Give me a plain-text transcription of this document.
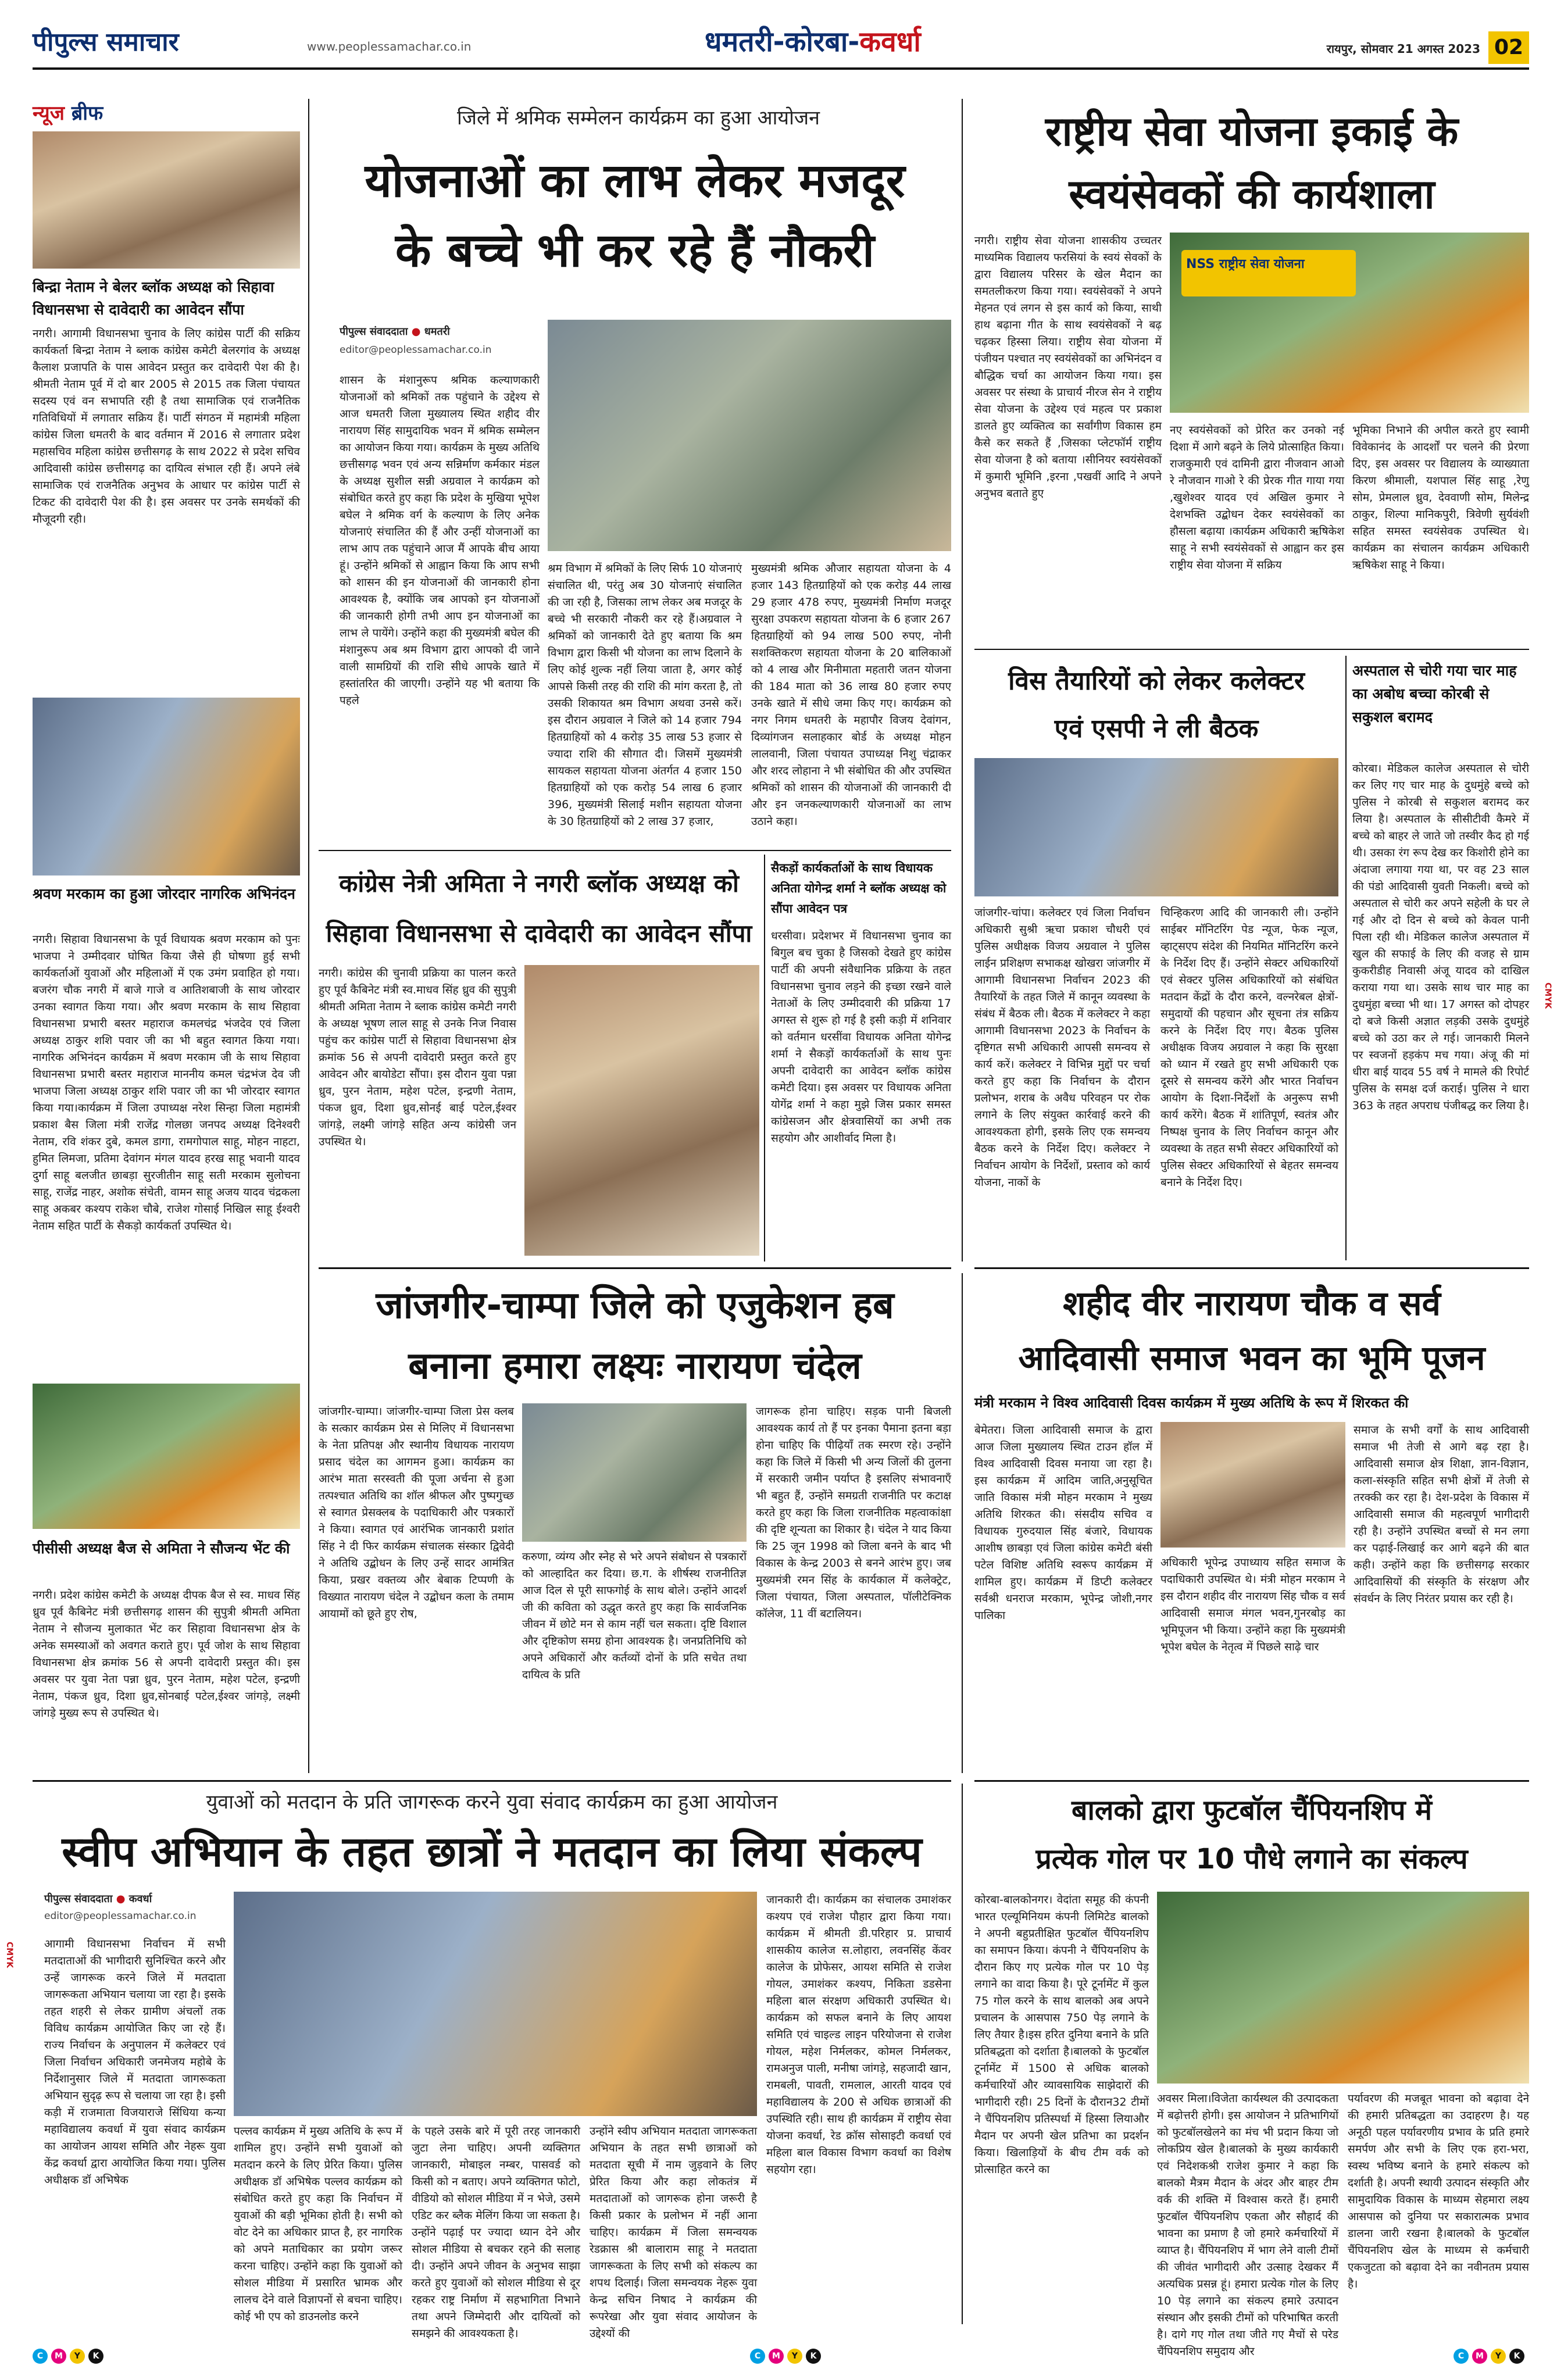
पीपुल्स समाचार	www.peoplessamachar.co.in	धमतरी-कोरबा-कवर्धा	रायपुर, सोमवार 21 अगस्त 2023 02
न्यूज ब्रीफ
बिन्द्रा नेताम ने बेलर ब्लॉक अध्यक्ष को सिहावा विधानसभा से दावेदारी का आवेदन सौंपा
नगरी। आगामी विधानसभा चुनाव के लिए कांग्रेस पार्टी की सक्रिय कार्यकर्ता बिन्द्रा नेताम ने ब्लाक कांग्रेस कमेटी बेलरगांव के अध्यक्ष कैलाश प्रजापति के पास आवेदन प्रस्तुत कर दावेदारी पेश की है।श्रीमती नेताम पूर्व में दो बार 2005 से 2015 तक जिला पंचायत सदस्य एवं वन सभापति रही है तथा सामाजिक एवं राजनैतिक गतिविधियों में लगातार सक्रिय हैं। पार्टी संगठन में महामंत्री महिला कांग्रेस जिला धमतरी के बाद वर्तमान में 2016 से लगातार प्रदेश महासचिव महिला कांग्रेस छत्तीसगढ़ के साथ 2022 से प्रदेश सचिव आदिवासी कांग्रेस छत्तीसगढ़ का दायित्व संभाल रही हैं। अपने लंबे सामाजिक एवं राजनैतिक अनुभव के आधार पर कांग्रेस पार्टी से टिकट की दावेदारी पेश की है। इस अवसर पर उनके समर्थकों की मौजूदगी रही।
श्रवण मरकाम का हुआ जोरदार नागरिक अभिनंदन
नगरी। सिहावा विधानसभा के पूर्व विधायक श्रवण मरकाम को पुनः भाजपा ने उम्मीदवार घोषित किया जैसे ही घोषणा हुई सभी कार्यकर्ताओं युवाओं और महिलाओं में एक उमंग प्रवाहित हो गया। बजरंग चौक नगरी में बाजे गाजे व आतिशबाजी के साथ जोरदार उनका स्वागत किया गया। और श्रवण मरकाम के साथ सिहावा विधानसभा प्रभारी बस्तर महाराज कमलचंद्र भंजदेव एवं जिला अध्यक्ष ठाकुर शशि पवार जी का भी बहुत स्वागत किया गया। नागरिक अभिनंदन कार्यक्रम में श्रवण मरकाम जी के साथ सिहावा विधानसभा प्रभारी बस्तर महाराज माननीय कमल चंद्रभंज देव जी भाजपा जिला अध्यक्ष ठाकुर शशि पवार जी का भी जोरदार स्वागत किया गया।कार्यक्रम में जिला उपाध्यक्ष नरेश सिन्हा जिला महामंत्री प्रकाश बैस जिला मंत्री राजेंद्र गोलछा जनपद अध्यक्ष दिनेश्वरी नेताम, रवि शंकर दुबे, कमल डागा, रामगोपाल साहू, मोहन नाहटा, हुमित लिमजा, प्रतिमा देवांगन मंगल यादव हरख साहू भवानी यादव दुर्गा साहू बलजीत छाबड़ा सुरजीतीन साहू सती मरकाम सुलोचना साहू, राजेंद्र नाहर, अशोक संचेती, वामन साहू अजय यादव चंद्रकला साहू अकबर कश्यप राकेश चौबे, राजेश गोसाई निखिल साहू ईश्वरी नेताम सहित पार्टी के सैकड़ो कार्यकर्ता उपस्थित थे।
पीसीसी अध्यक्ष बैज से अमिता ने सौजन्य भेंट की
नगरी। प्रदेश कांग्रेस कमेटी के अध्यक्ष दीपक बैज से स्व. माधव सिंह ध्रुव पूर्व कैबिनेट मंत्री छत्तीसगढ़ शासन की सुपुत्री श्रीमती अमिता नेताम ने सौजन्य मुलाकात भेंट कर सिहावा विधानसभा क्षेत्र के अनेक समस्याओं को अवगत कराते हुए। पूर्व जोश के साथ सिहावा विधानसभा क्षेत्र क्रमांक 56 से अपनी दावेदारी प्रस्तुत की। इस अवसर पर युवा नेता पन्ना ध्रुव, पुरन नेताम, महेश पटेल, इन्द्रणी नेताम, पंकज ध्रुव, दिशा ध्रुव,सोनबाई पटेल,ईश्वर जांगड़े, लक्ष्मी जांगड़े मुख्य रूप से उपस्थित थे।
जिले में श्रमिक सम्मेलन कार्यक्रम का हुआ आयोजन
योजनाओं का लाभ लेकर मजदूर
के बच्चे भी कर रहे हैं नौकरी
पीपुल्स संवाददाता ● धमतरी
editor@peoplessamachar.co.in
शासन के मंशानुरूप श्रमिक कल्याणकारी योजनाओं को श्रमिकों तक पहुंचाने के उद्देश्य से आज धमतरी जिला मुख्यालय स्थित शहीद वीर नारायण सिंह सामुदायिक भवन में श्रमिक सम्मेलन का आयोजन किया गया। कार्यक्रम के मुख्य अतिथि छत्तीसगढ़ भवन एवं अन्य सन्निर्माण कर्मकार मंडल के अध्यक्ष सुशील सन्नी अग्रवाल ने कार्यक्रम को संबोधित करते हुए कहा कि प्रदेश के मुखिया भूपेश बघेल ने श्रमिक वर्ग के कल्याण के लिए अनेक योजनाएं संचालित की हैं और उन्हीं योजनाओं का लाभ आप तक पहुंचाने आज मैं आपके बीच आया हूं। उन्होंने श्रमिकों से आह्वान किया कि आप सभी को शासन की इन योजनाओं की जानकारी होना आवश्यक है, क्योंकि जब आपको इन योजनाओं की जानकारी होगी तभी आप इन योजनाओं का लाभ ले पायेंगे। उन्होंने कहा की मुख्यमंत्री बघेल की मंशानुरूप अब श्रम विभाग द्वारा आपको दी जाने वाली सामग्रियों की राशि सीधे आपके खाते में हस्तांतरित की जाएगी। उन्होंने यह भी बताया कि पहले
श्रम विभाग में श्रमिकों के लिए सिर्फ 10 योजनाएं संचालित थी, परंतु अब 30 योजनाएं संचालित की जा रही है, जिसका लाभ लेकर अब मजदूर के बच्चे भी सरकारी नौकरी कर रहे हैं।अग्रवाल ने श्रमिकों को जानकारी देते हुए बताया कि श्रम विभाग द्वारा किसी भी योजना का लाभ दिलाने के लिए कोई शुल्क नहीं लिया जाता है, अगर कोई आपसे किसी तरह की राशि की मांग करता है, तो उसकी शिकायत श्रम विभाग अथवा उनसे करें। इस दौरान अग्रवाल ने जिले को 14 हजार 794 हितग्राहियों को 4 करोड़ 35 लाख 53 हजार से ज्यादा राशि की सौगात दी। जिसमें मुख्यमंत्री सायकल सहायता योजना अंतर्गत 4 हजार 150 हितग्राहियों को एक करोड़ 54 लाख 6 हजार 396, मुख्यमंत्री सिलाई मशीन सहायता योजना के 30 हितग्राहियों को 2 लाख 37 हजार,
मुख्यमंत्री श्रमिक औजार सहायता योजना के 4 हजार 143 हितग्राहियों को एक करोड़ 44 लाख 29 हजार 478 रुपए, मुख्यमंत्री निर्माण मजदूर सुरक्षा उपकरण सहायता योजना के 6 हजार 267 हितग्राहियों को 94 लाख 500 रुपए, नोनी सशक्तिकरण सहायता योजना के 20 बालिकाओं को 4 लाख और मिनीमाता महतारी जतन योजना की 184 माता को 36 लाख 80 हजार रुपए उनके खाते में सीधे जमा किए गए। कार्यक्रम को नगर निगम धमतरी के महापौर विजय देवांगन, दिव्यांगजन सलाहकार बोर्ड के अध्यक्ष मोहन लालवानी, जिला पंचायत उपाध्यक्ष निशु चंद्राकर और शरद लोहाना ने भी संबोधित की और उपस्थित श्रमिकों को शासन की योजनाओं की जानकारी दी और इन जनकल्याणकारी योजनाओं का लाभ उठाने कहा।
राष्ट्रीय सेवा योजना इकाई के
स्वयंसेवकों की कार्यशाला
नगरी। राष्ट्रीय सेवा योजना शासकीय उच्चतर माध्यमिक विद्यालय फरसियां के स्वयं सेवकों के द्वारा विद्यालय परिसर के खेल मैदान का समतलीकरण किया गया। स्वयंसेवकों ने अपने मेहनत एवं लगन से इस कार्य को किया, साथी हाथ बढ़ाना गीत के साथ स्वयंसेवकों ने बढ़ चढ़कर हिस्सा लिया। राष्ट्रीय सेवा योजना में पंजीयन पश्चात नए स्वयंसेवकों का अभिनंदन व बौद्धिक चर्चा का आयोजन किया गया। इस अवसर पर संस्था के प्राचार्य नीरज सेन ने राष्ट्रीय सेवा योजना के उद्देश्य एवं महत्व पर प्रकाश डालते हुए व्यक्तित्व का सर्वांगीण विकास हम कैसे कर सकते हैं ,जिसका प्लेटफॉर्म राष्ट्रीय सेवा योजना है को बताया ।सीनियर स्वयंसेवकों में कुमारी भूमिनि ,इरना ,पखवीं आदि ने अपने अनुभव बताते हुए
NSS राष्ट्रीय सेवा योजना
नए स्वयंसेवकों को प्रेरित कर उनको नई दिशा में आगे बढ़ने के लिये प्रोत्साहित किया। राजकुमारी एवं दामिनी द्वारा नीजवान आओ रे नौजवान गाओ रे की प्रेरक गीत गाया गया ,खुशेश्वर यादव एवं अखिल कुमार ने देशभक्ति उद्बोधन देकर स्वयंसेवकों का हौसला बढ़ाया ।कार्यक्रम अधिकारी ऋषिकेश साहू ने सभी स्वयंसेवकों से आह्वान कर इस राष्ट्रीय सेवा योजना में सक्रिय
भूमिका निभाने की अपील करते हुए स्वामी विवेकानंद के आदर्शों पर चलने की प्रेरणा दिए, इस अवसर पर विद्यालय के व्याख्याता किरण श्रीमाली, यशपाल सिंह साहू ,रेणु सोम, प्रेमलाल ध्रुव, देववाणी सोम, मिलेन्द्र ठाकुर, शिल्पा मानिकपुरी, त्रिवेणी सुर्यवंशी सहित समस्त स्वयंसेवक उपस्थित थे। कार्यक्रम का संचालन कार्यक्रम अधिकारी ऋषिकेश साहू ने किया।
कांग्रेस नेत्री अमिता ने नगरी ब्लॉक अध्यक्ष को
सिहावा विधानसभा से दावेदारी का आवेदन सौंपा
नगरी। कांग्रेस की चुनावी प्रक्रिया का पालन करते हुए पूर्व कैबिनेट मंत्री स्व.माधव सिंह ध्रुव की सुपुत्री श्रीमती अमिता नेताम ने ब्लाक कांग्रेस कमेटी नगरी के अध्यक्ष भूषण लाल साहू से उनके निज निवास पहुंच कर कांग्रेस पार्टी से सिहावा विधानसभा क्षेत्र क्रमांक 56 से अपनी दावेदारी प्रस्तुत करते हुए आवेदन और बायोडेटा सौंपा। इस दौरान युवा पन्ना ध्रुव, पुरन नेताम, महेश पटेल, इन्द्रणी नेताम, पंकज ध्रुव, दिशा ध्रुव,सोनई बाई पटेल,ईश्वर जांगड़े, लक्ष्मी जांगड़े सहित अन्य कांग्रेसी जन उपस्थित थे।
सैकड़ों कार्यकर्ताओं के साथ विधायक अनिता योगेन्द्र शर्मा ने ब्लॉक अध्यक्ष को सौंपा आवेदन पत्र
धरसीवा। प्रदेशभर में विधानसभा चुनाव का बिगुल बच चुका है जिसको देखते हुए कांग्रेस पार्टी की अपनी संवैधानिक प्रक्रिया के तहत विधानसभा चुनाव लड़ने की इच्छा रखने वाले नेताओं के लिए उम्मीदवारी की प्रक्रिया 17 अगस्त से शुरू हो गई है इसी कड़ी में शनिवार को वर्तमान धरसींवा विधायक अनिता योगेन्द्र शर्मा ने सैकड़ों कार्यकर्ताओं के साथ पुनः अपनी दावेदारी का आवेदन ब्लॉक कांग्रेस कमेटी दिया। इस अवसर पर विधायक अनिता योगेंद्र शर्मा ने कहा मुझे जिस प्रकार समस्त कांग्रेसजन और क्षेत्रवासियों का अभी तक सहयोग और आशीर्वाद मिला है।
विस तैयारियों को लेकर कलेक्टर
एवं एसपी ने ली बैठक
जांजगीर-चांपा। कलेक्टर एवं जिला निर्वाचन अधिकारी सुश्री ऋचा प्रकाश चौधरी एवं पुलिस अधीक्षक विजय अग्रवाल ने पुलिस लाईन प्रशिक्षण सभाकक्ष खोखरा जांजगीर में आगामी विधानसभा निर्वाचन 2023 की तैयारियों के तहत जिले में कानून व्यवस्था के संबंध में बैठक ली। बैठक में कलेक्टर ने कहा आगामी विधानसभा 2023 के निर्वाचन के दृष्टिगत सभी अधिकारी आपसी समन्वय से कार्य करें। कलेक्टर ने विभिन्न मुद्दों पर चर्चा करते हुए कहा कि निर्वाचन के दौरान प्रलोभन, शराब के अवैध परिवहन पर रोक लगाने के लिए संयुक्त कार्रवाई करने की आवश्यकता होगी, इसके लिए एक समन्वय बैठक करने के निर्देश दिए। कलेक्टर ने निर्वाचन आयोग के निर्देशों, प्रस्ताव को कार्य योजना, नाकों के
चिन्हिकरण आदि की जानकारी ली। उन्होंने साईबर मॉनिटरिंग पेड न्यूज, फेक न्यूज, व्हाट्सएप संदेश की नियमित मॉनिटरिंग करने के निर्देश दिए हैं। उन्होंने सेक्टर अधिकारियों एवं सेक्टर पुलिस अधिकारियों को संबंधित मतदान केंद्रों के दौरा करने, वल्नरेबल क्षेत्रों-समुदायों की पहचान और सूचना तंत्र सक्रिय करने के निर्देश दिए गए। बैठक पुलिस अधीक्षक विजय अग्रवाल ने कहा कि सुरक्षा को ध्यान में रखते हुए सभी अधिकारी एक दूसरे से समन्वय करेंगे और भारत निर्वाचन आयोग के दिशा-निर्देशों के अनुरूप सभी कार्य करेंगे। बैठक में शांतिपूर्ण, स्वतंत्र और निष्पक्ष चुनाव के लिए निर्वाचन कानून और व्यवस्था के तहत सभी सेक्टर अधिकारियों को पुलिस सेक्टर अधिकारियों से बेहतर समन्वय बनाने के निर्देश दिए।
अस्पताल से चोरी गया चार माह का अबोध बच्चा कोरबी से सकुशल बरामद
कोरबा। मेडिकल कालेज अस्पताल से चोरी कर लिए गए चार माह के दुधमुंहे बच्चे को पुलिस ने कोरबी से सकुशल बरामद कर लिया है। अस्पताल के सीसीटीवी कैमरे में बच्चे को बाहर ले जाते जो तस्वीर कैद हो गई थी। उसका रंग रूप देख कर किशोरी होने का अंदाजा लगाया गया था, पर वह 23 साल की पंडो आदिवासी युवती निकली। बच्चे को अस्पताल से चोरी कर अपने सहेली के घर ले गई और दो दिन से बच्चे को केवल पानी पिला रही थी। मेडिकल कालेज अस्पताल में खुल की सफाई के लिए की वजह से ग्राम कुकरीडीह निवासी अंजू यादव को दाखिल कराया गया था। उसके साथ चार माह का दुधमुंहा बच्चा भी था। 17 अगस्त को दोपहर दो बजे किसी अज्ञात लड़की उसके दुधमुंहे बच्चे को उठा कर ले गई। जानकारी मिलने पर स्वजनों हड़कंप मच गया। अंजू की मां धीरा बाई यादव 55 वर्ष ने मामले की रिपोर्ट पुलिस के समक्ष दर्ज कराई। पुलिस ने धारा 363 के तहत अपराध पंजीबद्ध कर लिया है।
जांजगीर-चाम्पा जिले को एजुकेशन हब
बनाना हमारा लक्ष्यः नारायण चंदेल
जांजगीर-चाम्पा। जांजगीर-चाम्पा जिला प्रेस क्लब के सत्कार कार्यक्रम प्रेस से मिलिए में विधानसभा के नेता प्रतिपक्ष और स्थानीय विधायक नारायण प्रसाद चंदेल का आगमन हुआ। कार्यक्रम का आरंभ माता सरस्वती की पूजा अर्चना से हुआ तत्पश्चात अतिथि का शॉल श्रीफल और पुष्पगुच्छ से स्वागत प्रेसक्लब के पदाधिकारी और पत्रकारों ने किया। स्वागत एवं आरंभिक जानकारी प्रशांत सिंह ने दी फिर कार्यक्रम संचालक संस्कार द्विवेदी ने अतिथि उद्बोधन के लिए उन्हें सादर आमंत्रित किया, प्रखर वक्तव्य और बेबाक टिप्पणी के विख्यात नारायण चंदेल ने उद्बोधन कला के तमाम आयामों को छूते हुए रोष,
करुणा, व्यंग्य और स्नेह से भरे अपने संबोधन से पत्रकारों को आल्हादित कर दिया। छ.ग. के शीर्षस्थ राजनीतिज्ञ आज दिल से पूरी साफगोई के साथ बोले। उन्होंने आदर्श जी की कविता को उद्धृत करते हुए कहा कि सार्वजनिक जीवन में छोटे मन से काम नहीं चल सकता। दृष्टि विशाल और दृष्टिकोण समग्र होना आवश्यक है। जनप्रतिनिधि को अपने अधिकारों और कर्तव्यों दोनों के प्रति सचेत तथा दायित्व के प्रति
जागरूक होना चाहिए। सड़क पानी बिजली आवश्यक कार्य तो हैं पर इनका पैमाना इतना बड़ा होना चाहिए कि पीढ़ियाँ तक स्मरण रहे। उन्होंने कहा कि जिले में किसी भी अन्य जिलों की तुलना में सरकारी जमीन पर्याप्त है इसलिए संभावनाएँ भी बहुत हैं, उन्होंने समग्रती राजनीति पर कटाक्ष करते हुए कहा कि जिला राजनीतिक महत्वाकांक्षा की दृष्टि शून्यता का शिकार है। चंदेल ने याद किया कि 25 जून 1998 को जिला बनने के बाद भी विकास के केन्द्र 2003 से बनने आरंभ हुए। जब मुख्यमंत्री रमन सिंह के कार्यकाल में कलेक्ट्रेट, जिला पंचायत, जिला अस्पताल, पॉलीटेक्निक कॉलेज, 11 वीं बटालियन।
शहीद वीर नारायण चौक व सर्व
आदिवासी समाज भवन का भूमि पूजन
मंत्री मरकाम ने विश्व आदिवासी दिवस कार्यक्रम में मुख्य अतिथि के रूप में शिरकत की
बेमेतरा। जिला आदिवासी समाज के द्वारा आज जिला मुख्यालय स्थित टाउन हॉल में विश्व आदिवासी दिवस मनाया जा रहा है। इस कार्यक्रम में आदिम जाति,अनुसूचित जाति विकास मंत्री मोहन मरकाम ने मुख्य अतिथि शिरकत की। संसदीय सचिव व विधायक गुरुदयाल सिंह बंजारे, विधायक आशीष छाबड़ा एवं जिला कांग्रेस कमेटी बंसी पटेल विशिष्ट अतिथि स्वरूप कार्यक्रम में शामिल हुए। कार्यक्रम में डिप्टी कलेक्टर सर्वश्री धनराज मरकाम, भूपेन्द्र जोशी,नगर पालिका
अधिकारी भूपेन्द्र उपाध्याय सहित समाज के पदाधिकारी उपस्थित थे। मंत्री मोहन मरकाम ने इस दौरान शहीद वीर नारायण सिंह चौक व सर्व आदिवासी समाज मंगल भवन,गुनरबोड़ का भूमिपूजन भी किया। उन्होंने कहा कि मुख्यमंत्री भूपेश बघेल के नेतृत्व में पिछले साढ़े चार
समाज के सभी वर्गों के साथ आदिवासी समाज भी तेजी से आगे बढ़ रहा है। आदिवासी समाज क्षेत्र शिक्षा, ज्ञान-विज्ञान, कला-संस्कृति सहित सभी क्षेत्रों में तेजी से तरक्की कर रहा है। देश-प्रदेश के विकास में आदिवासी समाज की महत्वपूर्ण भागीदारी रही है। उन्होंने उपस्थित बच्चों से मन लगा कर पढ़ाई-लिखाई कर आगे बढ़ने की बात कही। उन्होंने कहा कि छत्तीसगढ़ सरकार आदिवासियों की संस्कृति के संरक्षण और संवर्धन के लिए निरंतर प्रयास कर रही है।
युवाओं को मतदान के प्रति जागरूक करने युवा संवाद कार्यक्रम का हुआ आयोजन
स्वीप अभियान के तहत छात्रों ने मतदान का लिया संकल्प
पीपुल्स संवाददाता ● कवर्धा
editor@peoplessamachar.co.in
आगामी विधानसभा निर्वाचन में सभी मतदाताओं की भागीदारी सुनिश्चित करने और उन्हें जागरूक करने जिले में मतदाता जागरूकता अभियान चलाया जा रहा है। इसके तहत शहरी से लेकर ग्रामीण अंचलों तक विविध कार्यक्रम आयोजित किए जा रहे हैं। राज्य निर्वाचन के अनुपालन में कलेक्टर एवं जिला निर्वाचन अधिकारी जनमेजय महोबे के निर्देशानुसार जिले में मतदाता जागरूकता अभियान सुदृढ़ रूप से चलाया जा रहा है। इसी कड़ी में राजमाता विजयाराजे सिंधिया कन्या महाविद्यालय कवर्धा में युवा संवाद कार्यक्रम का आयोजन आयश समिति और नेहरू युवा केंद्र कवर्धा द्वारा आयोजित किया गया। पुलिस अधीक्षक डॉ अभिषेक
पल्लव कार्यक्रम में मुख्य अतिथि के रूप में शामिल हुए। उन्होंने सभी युवाओं को मतदान करने के लिए प्रेरित किया। पुलिस अधीक्षक डॉ अभिषेक पल्लव कार्यक्रम को संबोधित करते हुए कहा कि निर्वाचन में युवाओं की बड़ी भूमिका होती है। सभी को वोट देने का अधिकार प्राप्त है, हर नागरिक को अपने मताधिकार का प्रयोग जरूर करना चाहिए। उन्होंने कहा कि युवाओं को सोशल मीडिया में प्रसारित भ्रामक और लालच देने वाले विज्ञापनों से बचना चाहिए। कोई भी एप को डाउनलोड करने
के पहले उसके बारे में पूरी तरह जानकारी जुटा लेना चाहिए। अपनी व्यक्तिगत जानकारी, मोबाइल नम्बर, पासवर्ड को किसी को न बताए। अपने व्यक्तिगत फोटो, वीडियो को सोशल मीडिया में न भेजे, उसमे एडिट कर ब्लैक मेलिंग किया जा सकता है। उन्होंने पढ़ाई पर ज्यादा ध्यान देने और सोशल मीडिया से बचकर रहने की सलाह दी। उन्होंने अपने जीवन के अनुभव साझा करते हुए युवाओं को सोशल मीडिया से दूर रहकर राष्ट्र निर्माण में सहभागिता निभाने तथा अपने जिम्मेदारी और दायित्वों को समझने की आवश्यकता है।
उन्होंने स्वीप अभियान मतदाता जागरूकता अभियान के तहत सभी छात्राओं को मतदाता सूची में नाम जुड़वाने के लिए प्रेरित किया और कहा लोकतंत्र में मतदाताओं को जागरूक होना जरूरी है किसी प्रकार के प्रलोभन में नहीं आना चाहिए। कार्यक्रम में जिला समन्वयक रेडक्रास श्री बालाराम साहू ने मतदाता जागरूकता के लिए सभी को संकल्प का शपथ दिलाई। जिला समन्वयक नेहरू युवा केन्द्र सचिन निषाद ने कार्यक्रम की रूपरेखा और युवा संवाद आयोजन के उद्देश्यों की
जानकारी दी। कार्यक्रम का संचालक उमाशंकर कश्यप एवं राजेश पौहार द्वारा किया गया। कार्यक्रम में श्रीमती डी.परिहार प्र. प्राचार्य शासकीय कालेज स.लोहारा, लवनसिंह केंवर कालेज के प्रोफेसर, आयश समिति से राजेश गोयल, उमाशंकर कश्यप, निकिता डडसेना महिला बाल संरक्षण अधिकारी उपस्थित थे। कार्यक्रम को सफल बनाने के लिए आयश समिति एवं चाइल्ड लाइन परियोजना से राजेश गोयल, महेश निर्मलकर, कोमल निर्मलकर, रामअनुज पाली, मनीषा जांगड़े, सहजादी खान, रामबली, पावती, रामलाल, आरती यादव एवं महाविद्यालय के 200 से अधिक छात्राओं की उपस्थिति रही। साथ ही कार्यक्रम में राष्ट्रीय सेवा योजना कवर्धा, रेड क्रॉस सोसाइटी कवर्धा एवं महिला बाल विकास विभाग कवर्धा का विशेष सहयोग रहा।
बालको द्वारा फुटबॉल चैंपियनशिप में
प्रत्येक गोल पर 10 पौधे लगाने का संकल्प
कोरबा-बालकोनगर। वेदांता समूह की कंपनी भारत एल्यूमिनियम कंपनी लिमिटेड बालको ने अपनी बहुप्रतीक्षित फुटबॉल चैंपियनशिप का समापन किया। कंपनी ने चैंपियनशिप के दौरान किए गए प्रत्येक गोल पर 10 पेड़ लगाने का वादा किया है। पूरे टूर्नामेंट में कुल 75 गोल करने के साथ बालको अब अपने प्रचालन के आसपास 750 पेड़ लगाने के लिए तैयार है।इस हरित दुनिया बनाने के प्रति प्रतिबद्धता को दर्शाता है।बालको के फुटबॉल टूर्नामेंट में 1500 से अधिक बालको कर्मचारियों और व्यावसायिक साझेदारों की भागीदारी रही। 25 दिनों के दौरान32 टीमों ने चैंपियनशिप प्रतिस्पर्धा में हिस्सा लियाऔर मैदान पर अपनी खेल प्रतिभा का प्रदर्शन किया। खिलाड़ियों के बीच टीम वर्क को प्रोत्साहित करने का
अवसर मिला।विजेता कार्यस्थल की उत्पादकता में बढ़ोत्तरी होगी। इस आयोजन ने प्रतिभागियों को फुटबॉलखेलने का मंच भी प्रदान किया जो लोकप्रिय खेल है।बालको के मुख्य कार्यकारी एवं निदेशकश्री राजेश कुमार ने कहा कि बालको मैत्रम मैदान के अंदर और बाहर टीम वर्क की शक्ति में विश्वास करते हैं। हमारी फुटबॉल चैंपियनशिप एकता और सौहार्द की भावना का प्रमाण है जो हमारे कर्मचारियों में व्याप्त है। चैंपियनशिप में भाग लेने वाली टीमों की जीवंत भागीदारी और उत्साह देखकर मैं अत्यधिक प्रसन्न हूं। हमारा प्रत्येक गोल के लिए 10 पेड़ लगाने का संकल्प हमारे उत्पादन संस्थान और इसकी टीमों को परिभाषित करती है। दागे गए गोल तथा जीते गए मैचों से परेड चैंपियनशिप समुदाय और
पर्यावरण की मजबूत भावना को बढ़ावा देने की हमारी प्रतिबद्धता का उदाहरण है। यह अनूठी पहल पर्यावरणीय प्रभाव के प्रति हमारे समर्पण और सभी के लिए एक हरा-भरा, स्वस्थ भविष्य बनाने के हमारे संकल्प को दर्शाती है। अपनी स्थायी उत्पादन संस्कृति और सामुदायिक विकास के माध्यम सेहमारा लक्ष्य आसपास को दुनिया पर सकारात्मक प्रभाव डालना जारी रखना है।बालको के फुटबॉल चैंपियनशिप खेल के माध्यम से कर्मचारी एकजुटता को बढ़ावा देने का नवीनतम प्रयास है।
CMYK
CMYK
C	M	Y	K	C	M	Y	K	C	M	Y	K
